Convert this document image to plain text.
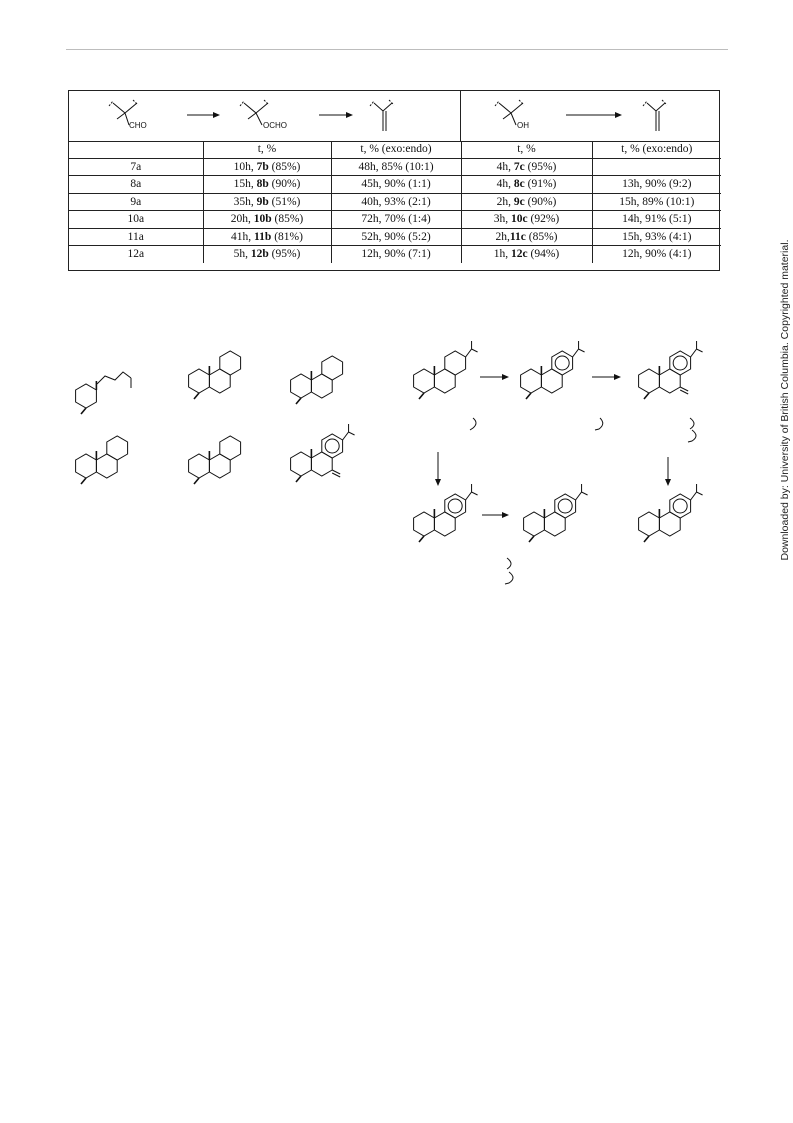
CHO	OCHO	OH
	t, %	t, % (exo:endo)	t, %	t, % (exo:endo)
7a	10h, 7b (85%)	48h, 85% (10:1)	4h, 7c (95%)	
8a	15h, 8b (90%)	45h, 90% (1:1)	4h, 8c (91%)	13h, 90% (9:2)
9a	35h, 9b (51%)	40h, 93% (2:1)	2h, 9c (90%)	15h, 89% (10:1)
10a	20h, 10b (85%)	72h, 70% (1:4)	3h, 10c (92%)	14h, 91% (5:1)
11a	41h, 11b (81%)	52h, 90% (5:2)	2h,11c (85%)	15h, 93% (4:1)
12a	5h, 12b (95%)	12h, 90% (7:1)	1h, 12c (94%)	12h, 90% (4:1)	Downloaded by: University of British Columbia. Copyrighted material.
